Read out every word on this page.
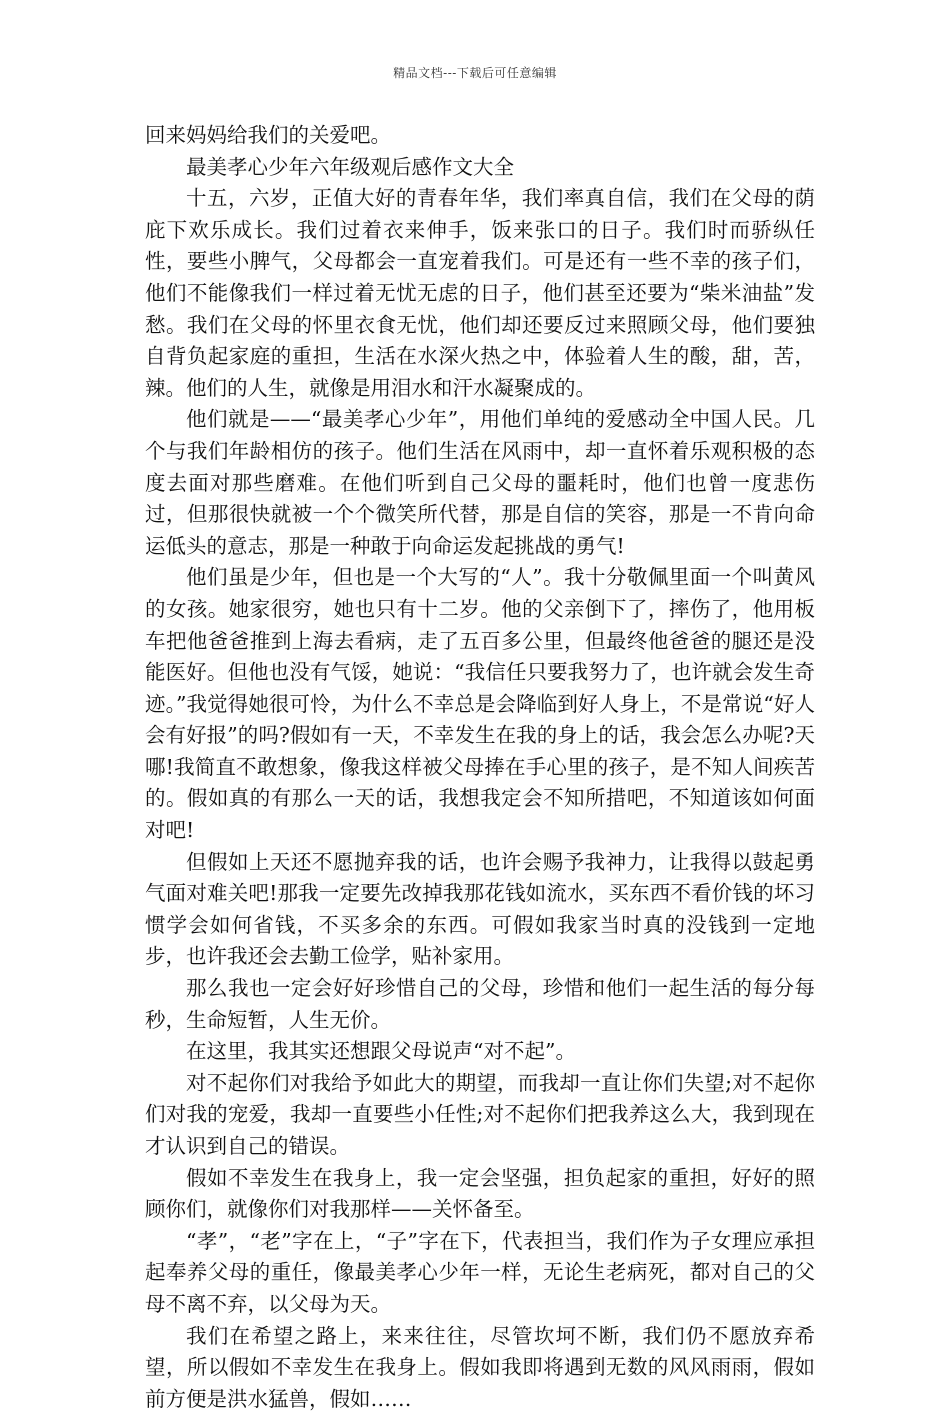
精品文档---下载后可任意编辑

回来妈妈给我们的关爱吧。

最美孝心少年六年级观后感作文大全

十五，六岁，正值大好的青春年华，我们率真自信，我们在父母的荫庇下欢乐成长。我们过着衣来伸手，饭来张口的日子。我们时而骄纵任性，要些小脾气，父母都会一直宠着我们。可是还有一些不幸的孩子们，他们不能像我们一样过着无忧无虑的日子，他们甚至还要为“柴米油盐”发愁。我们在父母的怀里衣食无忧，他们却还要反过来照顾父母，他们要独自背负起家庭的重担，生活在水深火热之中，体验着人生的酸，甜，苦，辣。他们的人生，就像是用泪水和汗水凝聚成的。

他们就是——“最美孝心少年”，用他们单纯的爱感动全中国人民。几个与我们年龄相仿的孩子。他们生活在风雨中，却一直怀着乐观积极的态度去面对那些磨难。在他们听到自己父母的噩耗时，他们也曾一度悲伤过，但那很快就被一个个微笑所代替，那是自信的笑容，那是一不肯向命运低头的意志，那是一种敢于向命运发起挑战的勇气!

他们虽是少年，但也是一个大写的“人”。我十分敬佩里面一个叫黄风的女孩。她家很穷，她也只有十二岁。他的父亲倒下了，摔伤了，他用板车把他爸爸推到上海去看病，走了五百多公里，但最终他爸爸的腿还是没能医好。但他也没有气馁，她说：“我信任只要我努力了，也许就会发生奇迹。”我觉得她很可怜，为什么不幸总是会降临到好人身上，不是常说“好人会有好报”的吗?假如有一天，不幸发生在我的身上的话，我会怎么办呢?天哪!我简直不敢想象，像我这样被父母捧在手心里的孩子，是不知人间疾苦的。假如真的有那么一天的话，我想我定会不知所措吧，不知道该如何面对吧!

但假如上天还不愿抛弃我的话，也许会赐予我神力，让我得以鼓起勇气面对难关吧!那我一定要先改掉我那花钱如流水，买东西不看价钱的坏习惯学会如何省钱，不买多余的东西。可假如我家当时真的没钱到一定地步，也许我还会去勤工俭学，贴补家用。

那么我也一定会好好珍惜自己的父母，珍惜和他们一起生活的每分每秒，生命短暂，人生无价。

在这里，我其实还想跟父母说声“对不起”。

对不起你们对我给予如此大的期望，而我却一直让你们失望;对不起你们对我的宠爱，我却一直要些小任性;对不起你们把我养这么大，我到现在才认识到自己的错误。

假如不幸发生在我身上，我一定会坚强，担负起家的重担，好好的照顾你们，就像你们对我那样——关怀备至。

“孝”，“老”字在上，“子”字在下，代表担当，我们作为子女理应承担起奉养父母的重任，像最美孝心少年一样，无论生老病死，都对自己的父母不离不弃，以父母为天。

我们在希望之路上，来来往往，尽管坎坷不断，我们仍不愿放弃希望，所以假如不幸发生在我身上。假如我即将遇到无数的风风雨雨，假如前方便是洪水猛兽，假如……
